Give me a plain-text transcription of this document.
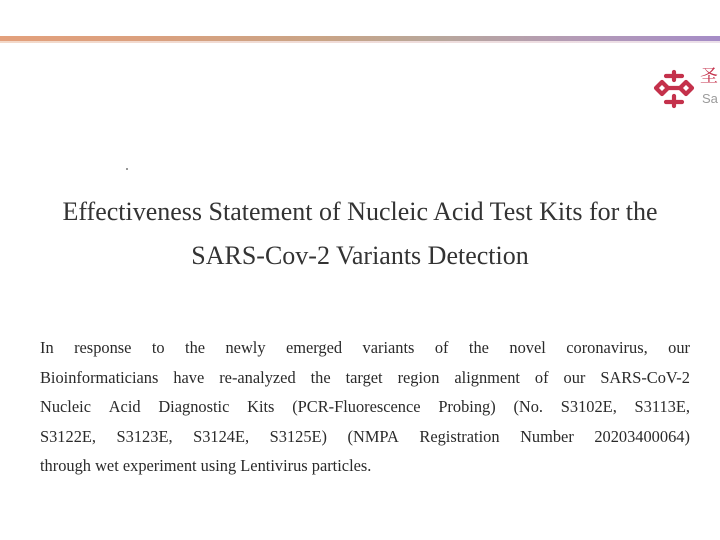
圣
Sa
Effectiveness Statement of Nucleic Acid Test Kits for the
SARS-Cov-2 Variants Detection
In response to the newly emerged variants of the novel coronavirus, our
Bioinformaticians have re-analyzed the target region alignment of our SARS-CoV-2
Nucleic Acid Diagnostic Kits (PCR-Fluorescence Probing) (No. S3102E, S3113E,
S3122E, S3123E, S3124E, S3125E) (NMPA Registration Number 20203400064)
through wet experiment using Lentivirus particles.
